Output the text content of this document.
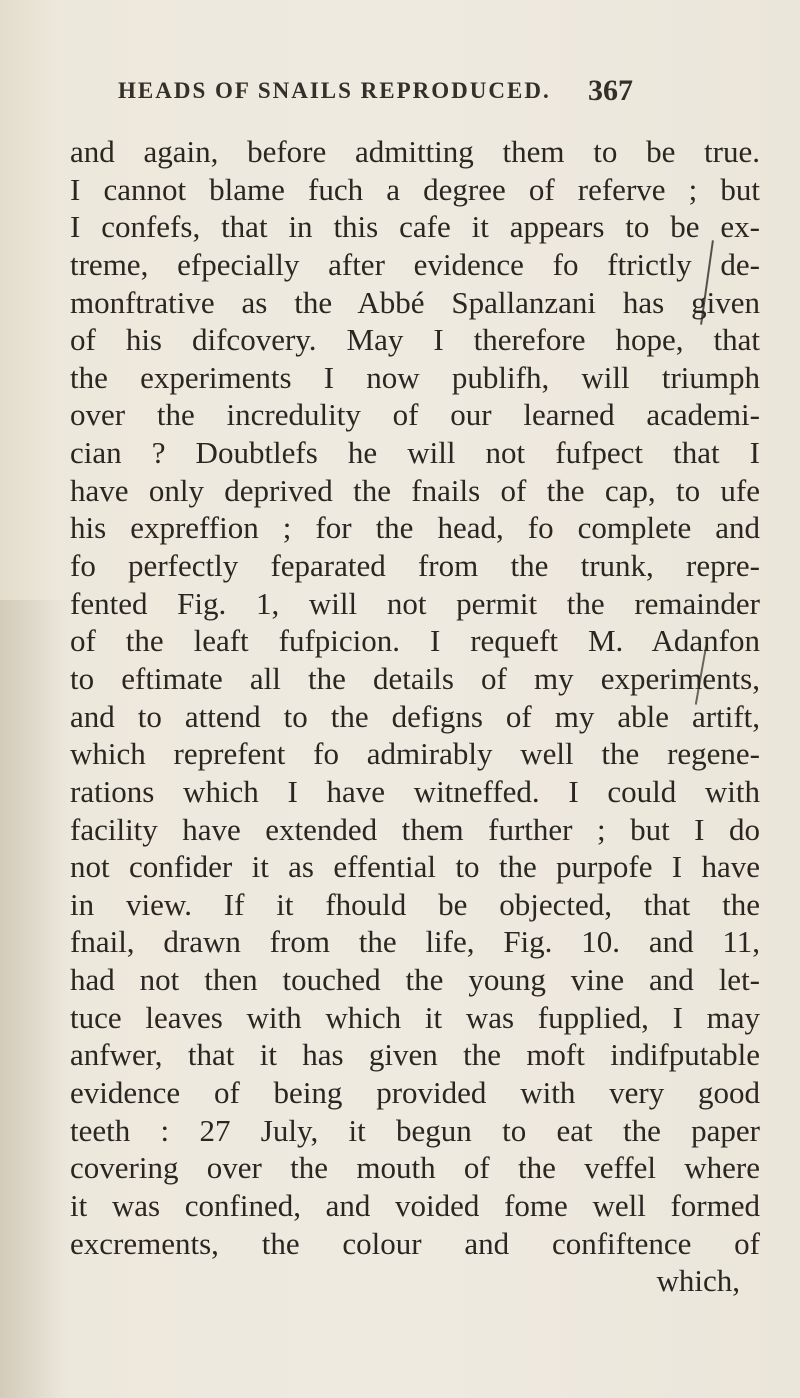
HEADS OF SNAILS REPRODUCED. 367
and again, before admitting them to be true.
I cannot blame fuch a degree of referve ; but
I confefs, that in this cafe it appears to be ex-
treme, efpecially after evidence fo ftrictly de-
monftrative as the Abbé Spallanzani has given
of his difcovery. May I therefore hope, that
the experiments I now publifh, will triumph
over the incredulity of our learned academi-
cian ? Doubtlefs he will not fufpect that I
have only deprived the fnails of the cap, to ufe
his expreffion ; for the head, fo complete and
fo perfectly feparated from the trunk, repre-
fented Fig. 1, will not permit the remainder
of the leaft fufpicion. I requeft M. Adanfon
to eftimate all the details of my experiments,
and to attend to the defigns of my able artift,
which reprefent fo admirably well the regene-
rations which I have witneffed. I could with
facility have extended them further ; but I do
not confider it as effential to the purpofe I have
in view. If it fhould be objected, that the
fnail, drawn from the life, Fig. 10. and 11,
had not then touched the young vine and let-
tuce leaves with which it was fupplied, I may
anfwer, that it has given the moft indifputable
evidence of being provided with very good
teeth : 27 July, it begun to eat the paper
covering over the mouth of the veffel where
it was confined, and voided fome well formed
excrements, the colour and confiftence of
which,
